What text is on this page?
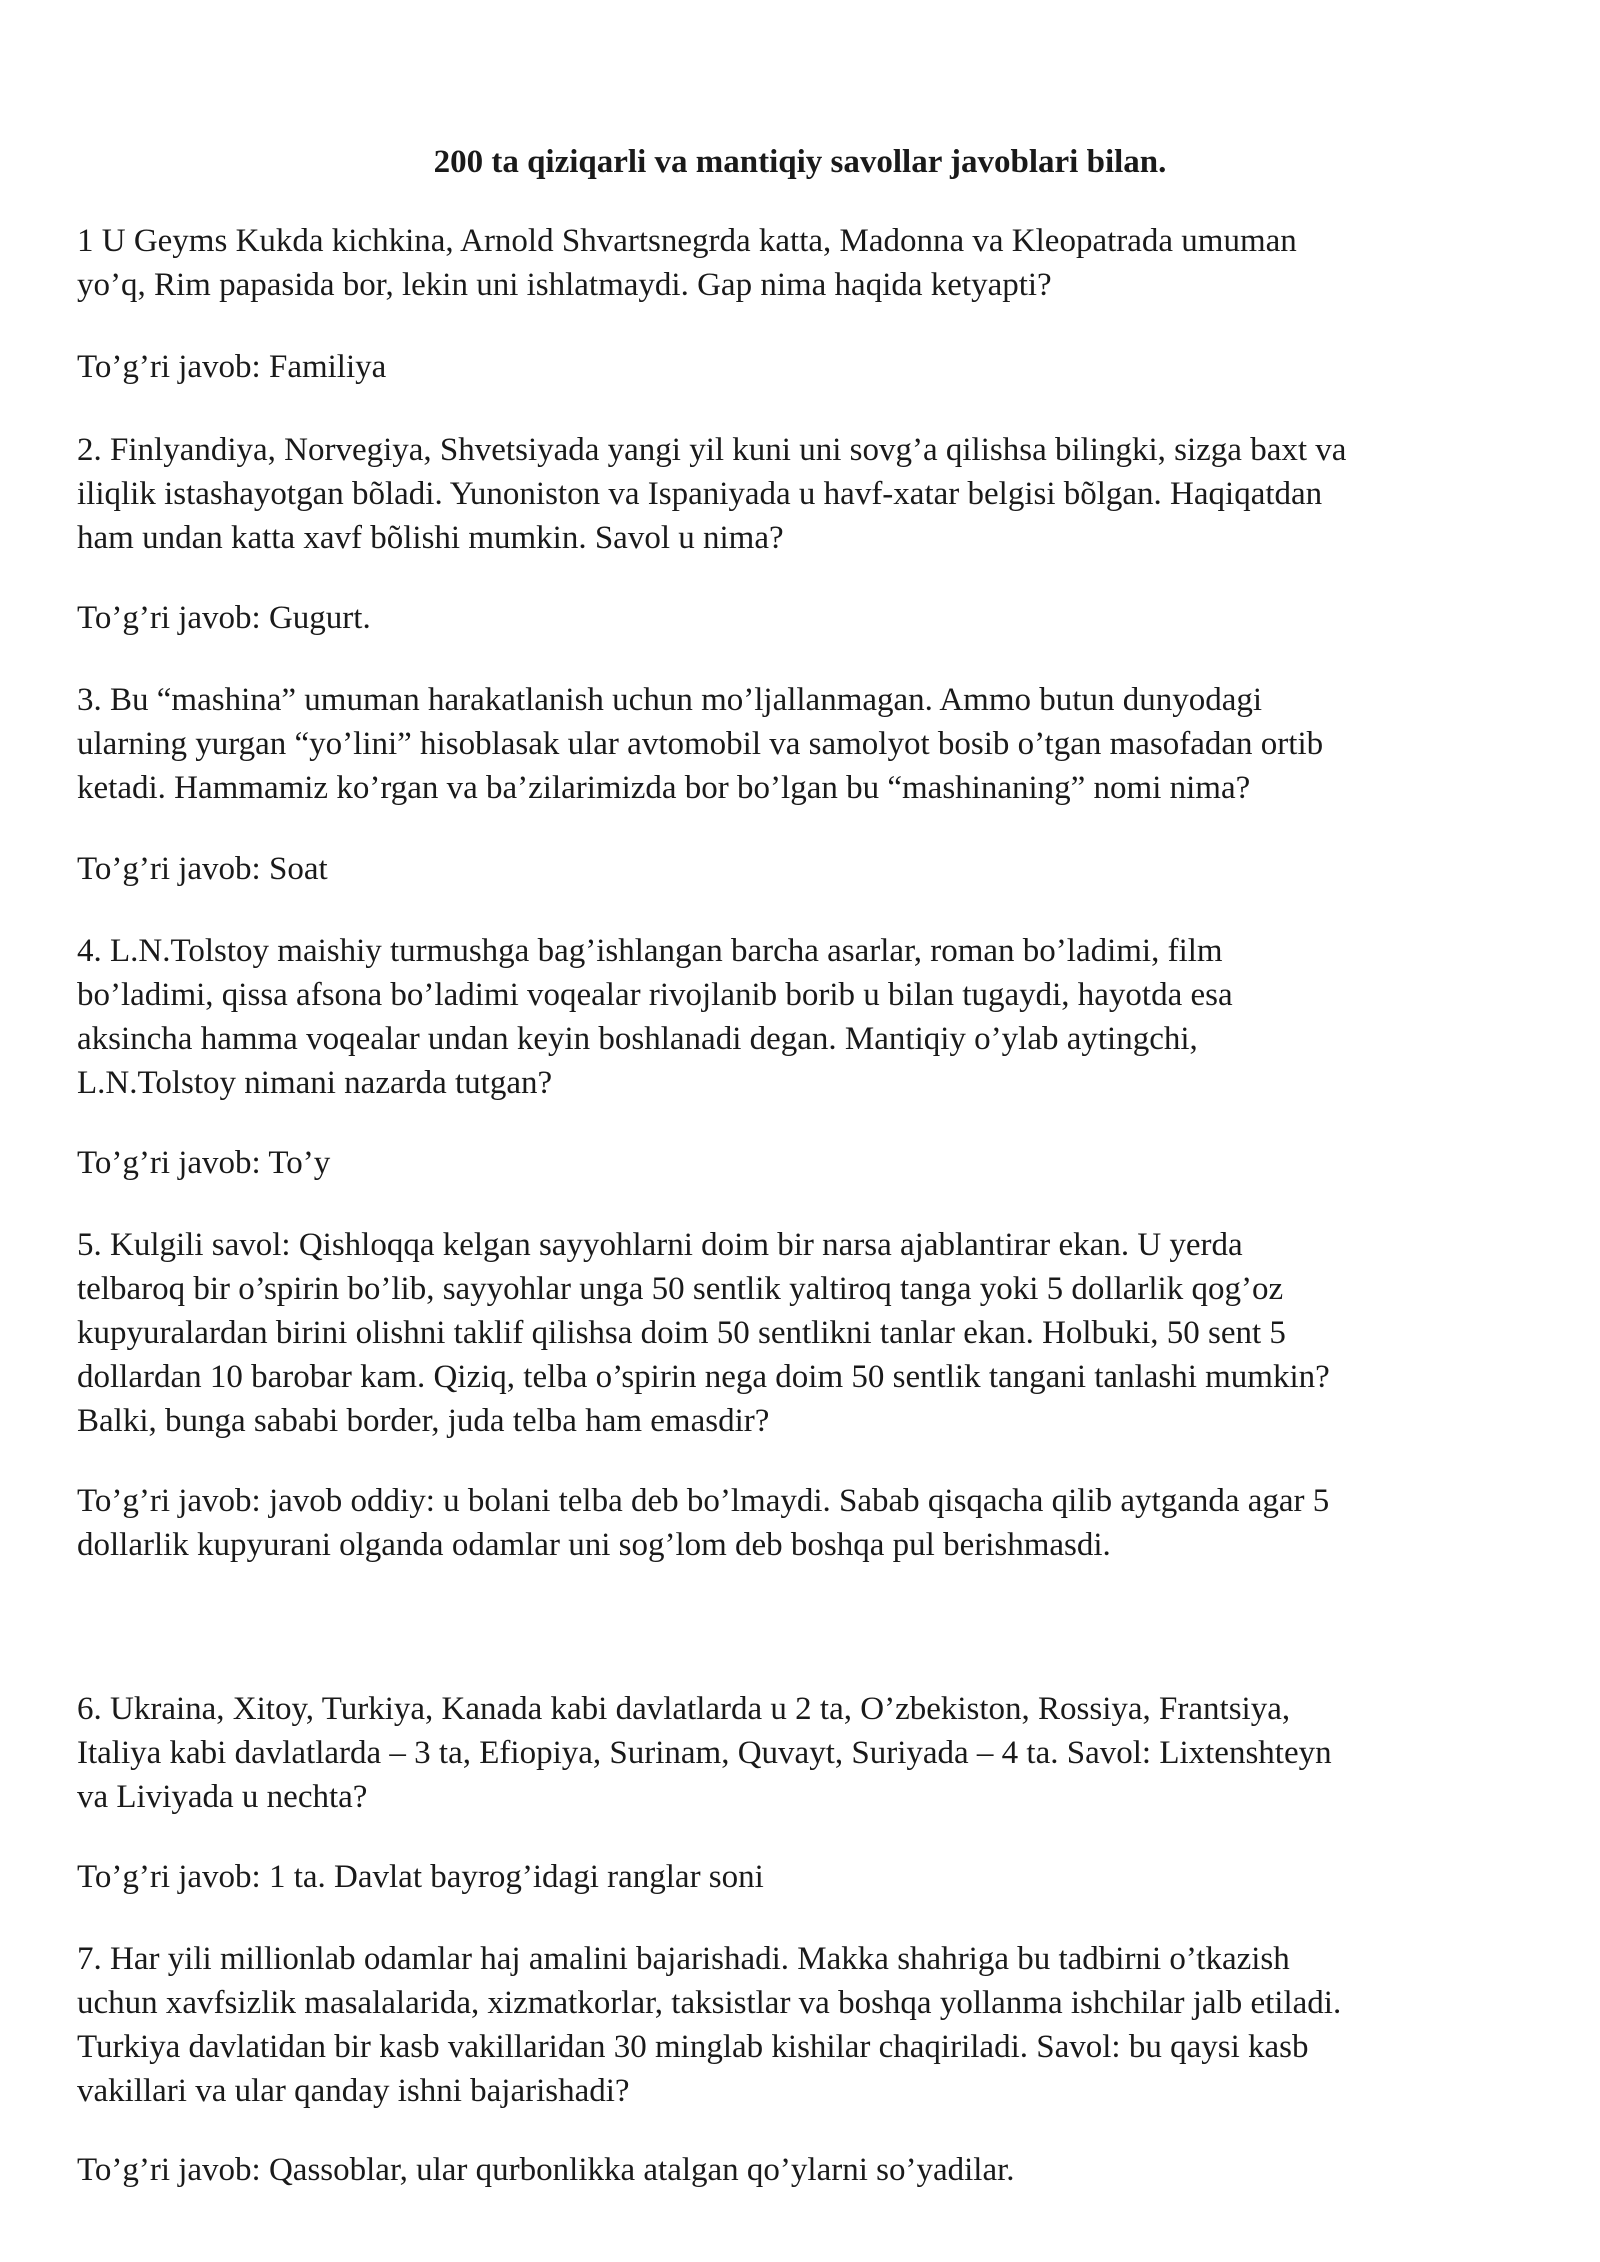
200 ta qiziqarli va mantiqiy savollar javoblari bilan.

1 U Geyms Kukda kichkina, Arnold Shvartsnegrda katta, Madonna va Kleopatrada umuman
yo’q, Rim papasida bor, lekin uni ishlatmaydi. Gap nima haqida ketyapti?

To’g’ri javob: Familiya

2. Finlyandiya, Norvegiya, Shvetsiyada yangi yil kuni uni sovg’a qilishsa bilingki, sizga baxt va
iliqlik istashayotgan bõladi. Yunoniston va Ispaniyada u havf-xatar belgisi bõlgan. Haqiqatdan
ham undan katta xavf bõlishi mumkin. Savol u nima?

To’g’ri javob: Gugurt.

3. Bu “mashina” umuman harakatlanish uchun mo’ljallanmagan. Ammo butun dunyodagi
ularning yurgan “yo’lini” hisoblasak ular avtomobil va samolyot bosib o’tgan masofadan ortib
ketadi. Hammamiz ko’rgan va ba’zilarimizda bor bo’lgan bu “mashinaning” nomi nima?

To’g’ri javob: Soat

4. L.N.Tolstoy maishiy turmushga bag’ishlangan barcha asarlar, roman bo’ladimi, film
bo’ladimi, qissa afsona bo’ladimi voqealar rivojlanib borib u bilan tugaydi, hayotda esa
aksincha hamma voqealar undan keyin boshlanadi degan. Mantiqiy o’ylab aytingchi,
L.N.Tolstoy nimani nazarda tutgan?

To’g’ri javob: To’y

5. Kulgili savol: Qishloqqa kelgan sayyohlarni doim bir narsa ajablantirar ekan. U yerda
telbaroq bir o’spirin bo’lib, sayyohlar unga 50 sentlik yaltiroq tanga yoki 5 dollarlik qog’oz
kupyuralardan birini olishni taklif qilishsa doim 50 sentlikni tanlar ekan. Holbuki, 50 sent 5
dollardan 10 barobar kam. Qiziq, telba o’spirin nega doim 50 sentlik tangani tanlashi mumkin?
Balki, bunga sababi border, juda telba ham emasdir?

To’g’ri javob: javob oddiy: u bolani telba deb bo’lmaydi. Sabab qisqacha qilib aytganda agar 5
dollarlik kupyurani olganda odamlar uni sog’lom deb boshqa pul berishmasdi.

6. Ukraina, Xitoy, Turkiya, Kanada kabi davlatlarda u 2 ta, O’zbekiston, Rossiya, Frantsiya,
Italiya kabi davlatlarda – 3 ta, Efiopiya, Surinam, Quvayt, Suriyada – 4 ta. Savol: Lixtenshteyn
va Liviyada u nechta?

To’g’ri javob: 1 ta. Davlat bayrog’idagi ranglar soni

7. Har yili millionlab odamlar haj amalini bajarishadi. Makka shahriga bu tadbirni o’tkazish
uchun xavfsizlik masalalarida, xizmatkorlar, taksistlar va boshqa yollanma ishchilar jalb etiladi.
Turkiya davlatidan bir kasb vakillaridan 30 minglab kishilar chaqiriladi. Savol: bu qaysi kasb
vakillari va ular qanday ishni bajarishadi?

To’g’ri javob: Qassoblar, ular qurbonlikka atalgan qo’ylarni so’yadilar.
